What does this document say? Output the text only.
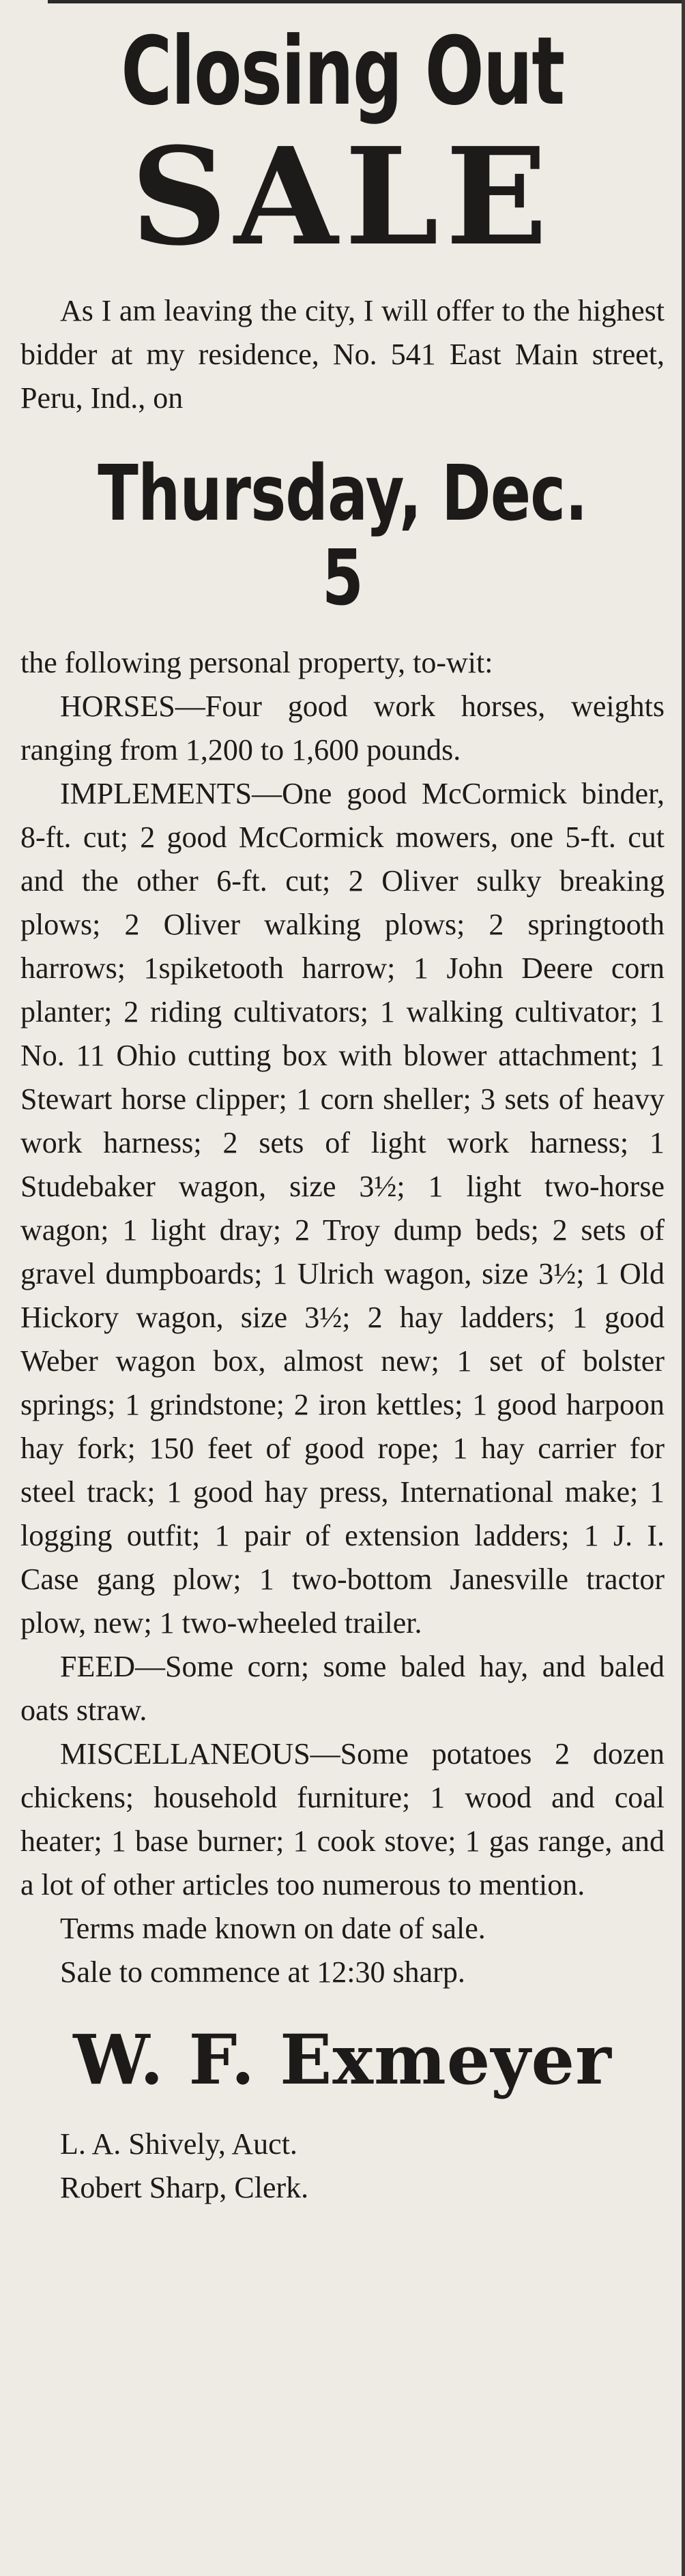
Closing Out
SALE

As I am leaving the city, I will offer to the highest bidder at my residence, No. 541 East Main street, Peru, Ind., on

Thursday, Dec. 5

the following personal property, to-wit:

HORSES—Four good work horses, weights ranging from 1,200 to 1,600 pounds.

IMPLEMENTS—One good McCormick binder, 8-ft. cut; 2 good McCormick mowers, one 5-ft. cut and the other 6-ft. cut; 2 Oliver sulky breaking plows; 2 Oliver walking plows; 2 springtooth harrows; 1spiketooth harrow; 1 John Deere corn planter; 2 riding cultivators; 1 walking cultivator; 1 No. 11 Ohio cutting box with blower attachment; 1 Stewart horse clipper; 1 corn sheller; 3 sets of heavy work harness; 2 sets of light work harness; 1 Studebaker wagon, size 3½; 1 light two-horse wagon; 1 light dray; 2 Troy dump beds; 2 sets of gravel dumpboards; 1 Ulrich wagon, size 3½; 1 Old Hickory wagon, size 3½; 2 hay ladders; 1 good Weber wagon box, almost new; 1 set of bolster springs; 1 grindstone; 2 iron kettles; 1 good harpoon hay fork; 150 feet of good rope; 1 hay carrier for steel track; 1 good hay press, International make; 1 logging outfit; 1 pair of extension ladders; 1 J. I. Case gang plow; 1 two-bottom Janesville tractor plow, new; 1 two-wheeled trailer.

FEED—Some corn; some baled hay, and baled oats straw.

MISCELLANEOUS—Some potatoes 2 dozen chickens; household furniture; 1 wood and coal heater; 1 base burner; 1 cook stove; 1 gas range, and a lot of other articles too numerous to mention.

Terms made known on date of sale.

Sale to commence at 12:30 sharp.

W. F. Exmeyer

L. A. Shively, Auct.

Robert Sharp, Clerk.
